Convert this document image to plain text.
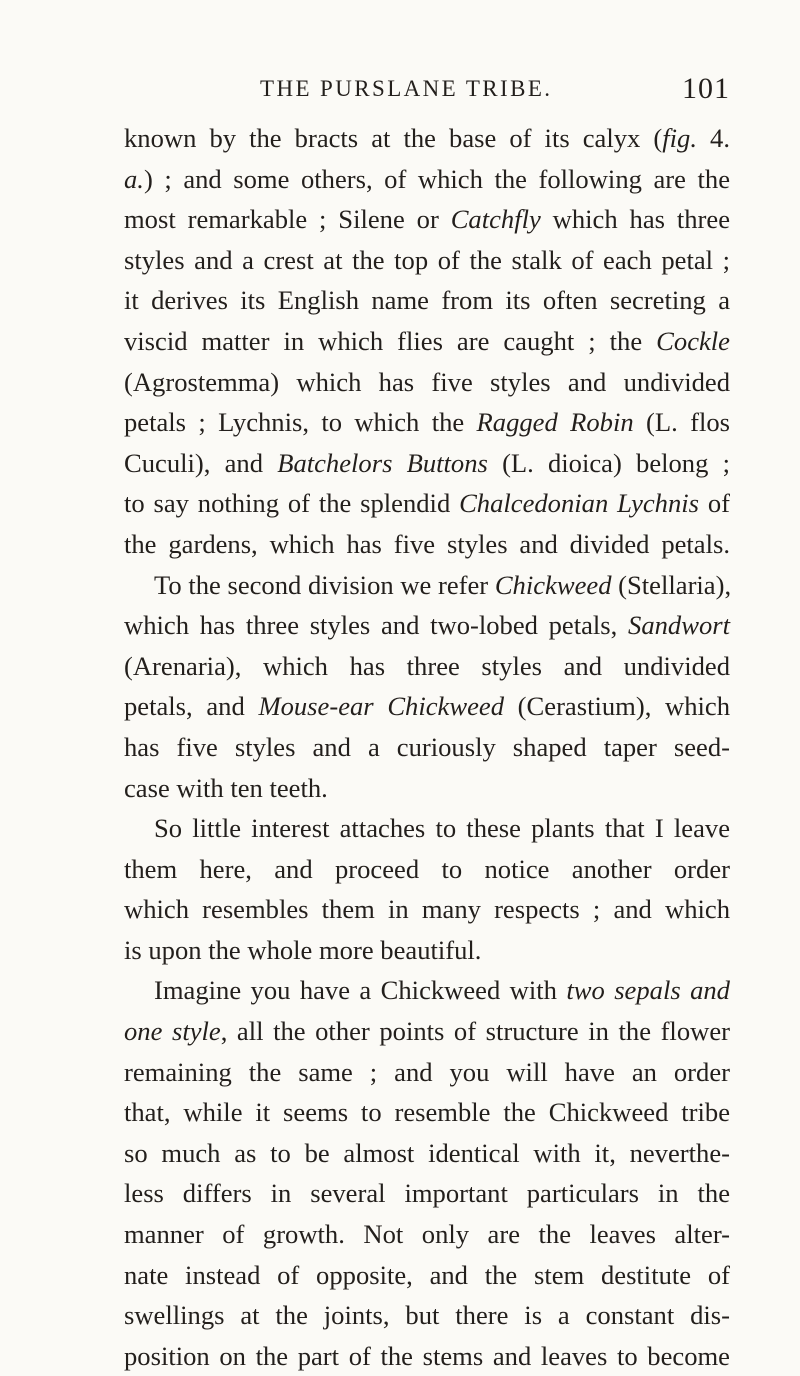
THE PURSLANE TRIBE.	101
known by the bracts at the base of its calyx (fig. 4.
a.) ; and some others, of which the following are the
most remarkable ; Silene or Catchfly which has three
styles and a crest at the top of the stalk of each petal ;
it derives its English name from its often secreting a
viscid matter in which flies are caught ; the Cockle
(Agrostemma) which has five styles and undivided
petals ; Lychnis, to which the Ragged Robin (L. flos
Cuculi), and Batchelors Buttons (L. dioica) belong ;
to say nothing of the splendid Chalcedonian Lychnis of
the gardens, which has five styles and divided petals.
To the second division we refer Chickweed (Stellaria),
which has three styles and two-lobed petals, Sandwort
(Arenaria), which has three styles and undivided
petals, and Mouse-ear Chickweed (Cerastium), which
has five styles and a curiously shaped taper seed-
case with ten teeth.
So little interest attaches to these plants that I leave
them here, and proceed to notice another order
which resembles them in many respects ; and which
is upon the whole more beautiful.
Imagine you have a Chickweed with two sepals and
one style, all the other points of structure in the flower
remaining the same ; and you will have an order
that, while it seems to resemble the Chickweed tribe
so much as to be almost identical with it, neverthe-
less differs in several important particulars in the
manner of growth. Not only are the leaves alter-
nate instead of opposite, and the stem destitute of
swellings at the joints, but there is a constant dis-
position on the part of the stems and leaves to become
